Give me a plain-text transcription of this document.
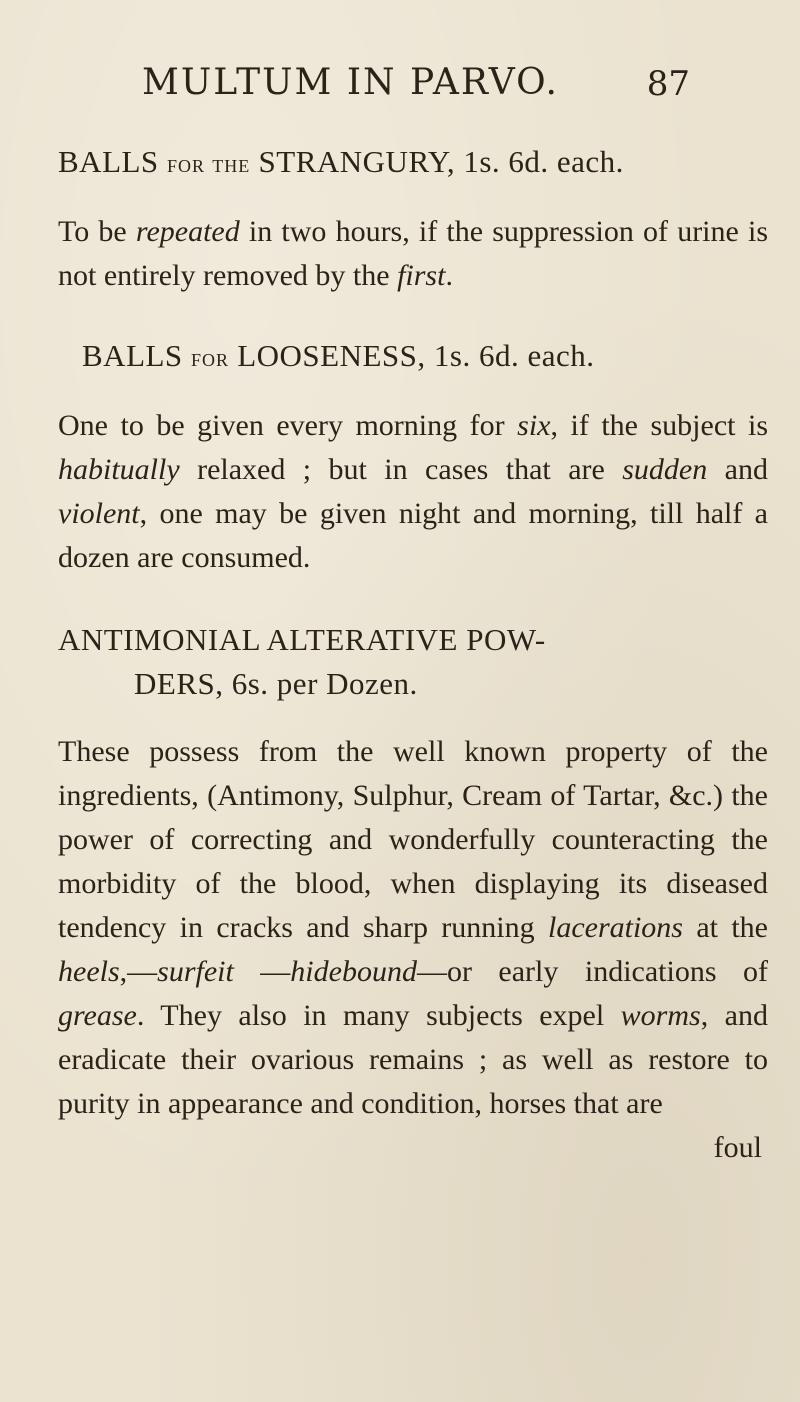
MULTUM IN PARVO.	87
BALLS for the STRANGURY, 1s. 6d. each.

To be repeated in two hours, if the suppression of urine is not entirely removed by the first.

BALLS for LOOSENESS, 1s. 6d. each.

One to be given every morning for six, if the subject is habitually relaxed ; but in cases that are sudden and violent, one may be given night and morning, till half a dozen are consumed.

ANTIMONIAL ALTERATIVE POW-
DERS, 6s. per Dozen.

These possess from the well known property of the ingredients, (Antimony, Sulphur, Cream of Tartar, &c.) the power of correcting and wonderfully counteracting the morbidity of the blood, when displaying its diseased tendency in cracks and sharp running lacerations at the heels,—surfeit —hidebound—or early indications of grease. They also in many subjects expel worms, and eradicate their ovarious remains ; as well as restore to purity in appearance and condition, horses that are

foul
